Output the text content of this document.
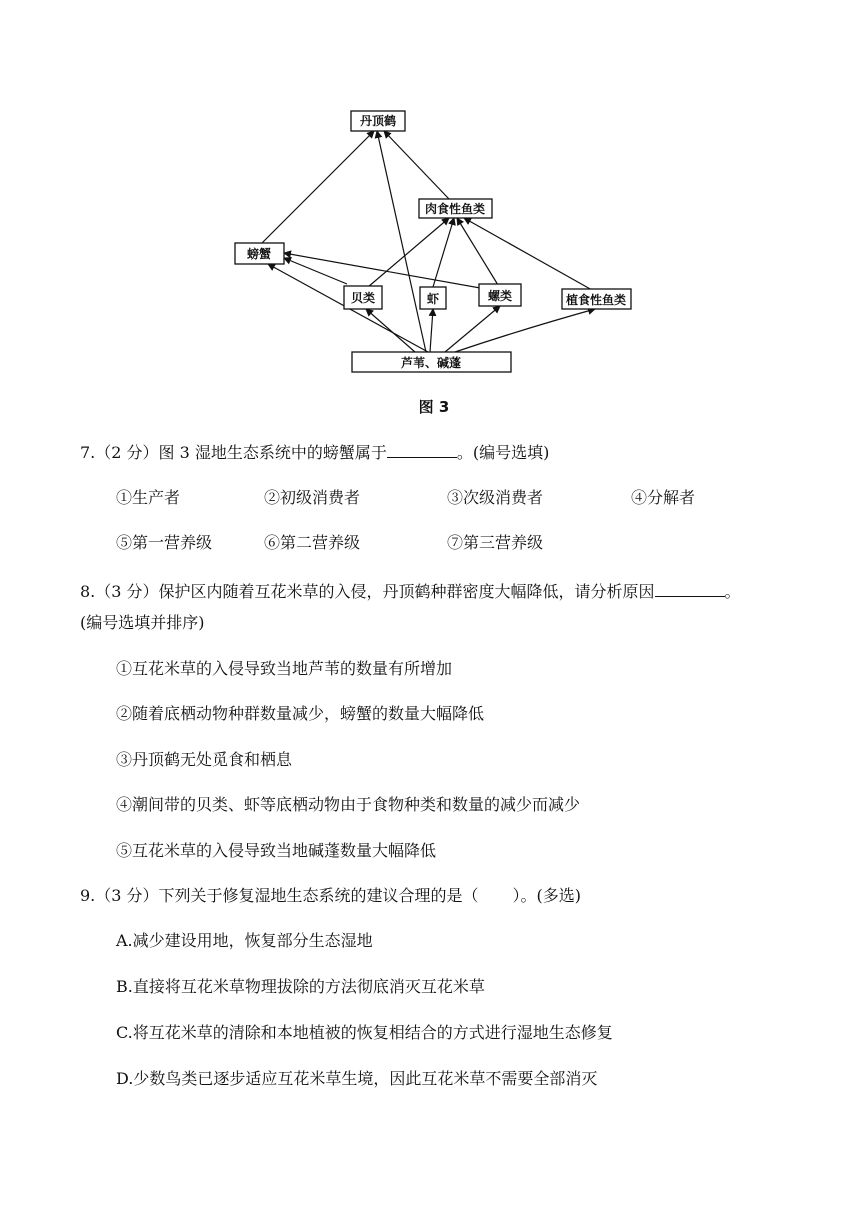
丹顶鹤
肉食性鱼类
螃蟹
贝类	虾	螺类	植食性鱼类
芦苇、碱蓬
图 3
7.（2 分）图 3 湿地生态系统中的螃蟹属于	。(编号选填)
①生产者	②初级消费者	③次级消费者	④分解者
⑤第一营养级	⑥第二营养级	⑦第三营养级
8.（3 分）保护区内随着互花米草的入侵，丹顶鹤种群密度大幅降低，请分析原因	。
(编号选填并排序)
①互花米草的入侵导致当地芦苇的数量有所增加
②随着底栖动物种群数量减少，螃蟹的数量大幅降低
③丹顶鹤无处觅食和栖息
④潮间带的贝类、虾等底栖动物由于食物种类和数量的减少而减少
⑤互花米草的入侵导致当地碱蓬数量大幅降低
9.（3 分）下列关于修复湿地生态系统的建议合理的是（ ）。(多选)
A.减少建设用地，恢复部分生态湿地
B.直接将互花米草物理拔除的方法彻底消灭互花米草
C.将互花米草的清除和本地植被的恢复相结合的方式进行湿地生态修复
D.少数鸟类已逐步适应互花米草生境，因此互花米草不需要全部消灭
